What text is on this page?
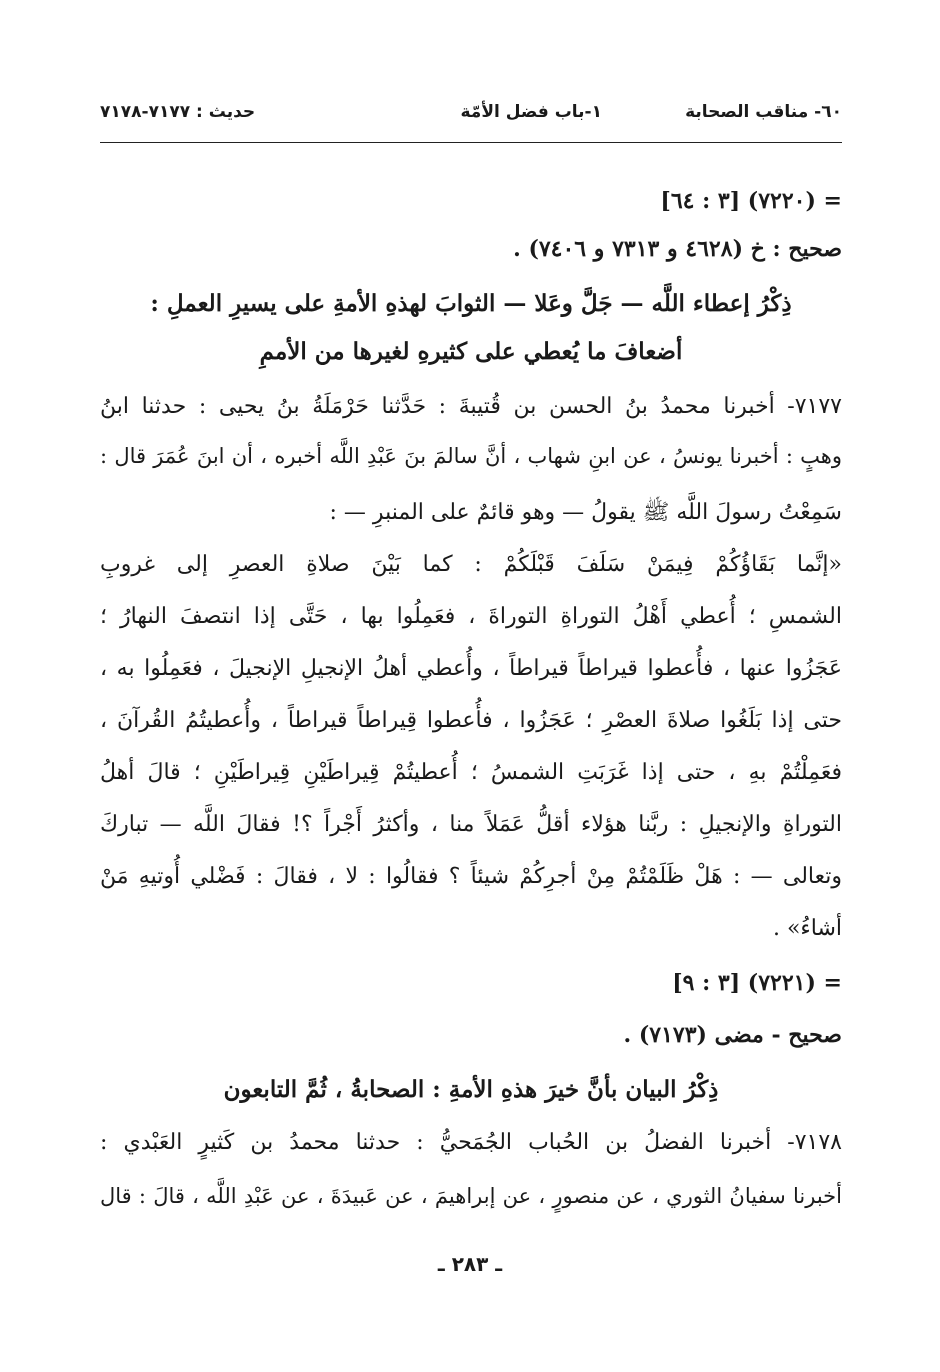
٦٠- مناقب الصحابة
١-باب فضل الأمّة
حديث : ٧١٧٧-٧١٧٨
= (٧٢٢٠) [٣ : ٦٤]
صحيح : خ (٤٦٢٨ و ٧٣١٣ و ٧٤٠٦) .
ذِكْرُ إعطاء اللَّه — جَلَّ وعَلا — الثوابَ لهذهِ الأمةِ على يسيرِ العملِ :
أضعافَ ما يُعطي على كثيرهِ لغيرها من الأممِ
٧١٧٧- أخبرنا محمدُ بنُ الحسن بن قُتيبةَ : حَدَّثنا حَرْمَلَةُ بنُ يحيى : حدثنا ابنُ
وهبٍ : أخبرنا يونسُ ، عن ابنِ شهاب ، أنَّ سالمَ بنَ عَبْدِ اللَّه أخبره ، أن ابنَ عُمَرَ قال :
سَمِعْتُ رسولَ اللَّه ﷺ يقولُ — وهو قائمٌ على المنبرِ — :
«إنَّما بَقَاؤُكُمْ فِيمَنْ سَلَفَ قَبْلَكُمْ : كما بَيْنَ صلاةِ العصرِ إلى غروبِ
الشمسِ ؛ أُعطي أَهْلُ التوراةِ التوراةَ ، فعَمِلُوا بها ، حَتَّى إذا انتصفَ النهارُ ؛
عَجَزُوا عنها ، فأُعطوا قيراطاً قيراطاً ، وأُعطي أهلُ الإنجيلِ الإنجيلَ ، فعَمِلُوا به ،
حتى إذا بَلَغُوا صلاةَ العصْرِ ؛ عَجَزُوا ، فأُعطوا قِيراطاً قيراطاً ، وأُعطيتُمُ القُرآنَ ،
فعَمِلْتُمْ بهِ ، حتى إذا غَرَبَتِ الشمسُ ؛ أُعطيتُمْ قِيراطَيْنِ قِيراطَيْنِ ؛ قالَ أهلُ
التوراةِ والإنجيلِ : ربَّنا هؤلاء أقلُّ عَمَلاً منا ، وأكثرُ أَجْراً ؟! فقالَ اللَّه — تباركَ
وتعالى — : هَلْ ظَلَمْتُمْ مِنْ أجرِكُمْ شيئاً ؟ فقالُوا : لا ، فقالَ : فَضْلي أُوتيهِ مَنْ
أشاءُ» .
= (٧٢٢١) [٣ : ٩]
صحيح - مضى (٧١٧٣) .
ذِكْرُ البيان بأنَّ خيرَ هذهِ الأمةِ : الصحابةُ ، ثُمَّ التابعون
٧١٧٨- أخبرنا الفضلُ بن الحُباب الجُمَحيُّ : حدثنا محمدُ بن كَثيرٍ العَبْدي :
أخبرنا سفيانُ الثوري ، عن منصورٍ ، عن إبراهيمَ ، عن عَبيدَةَ ، عن عَبْدِ اللَّه ، قالَ : قال
ـ ٢٨٣ ـ
